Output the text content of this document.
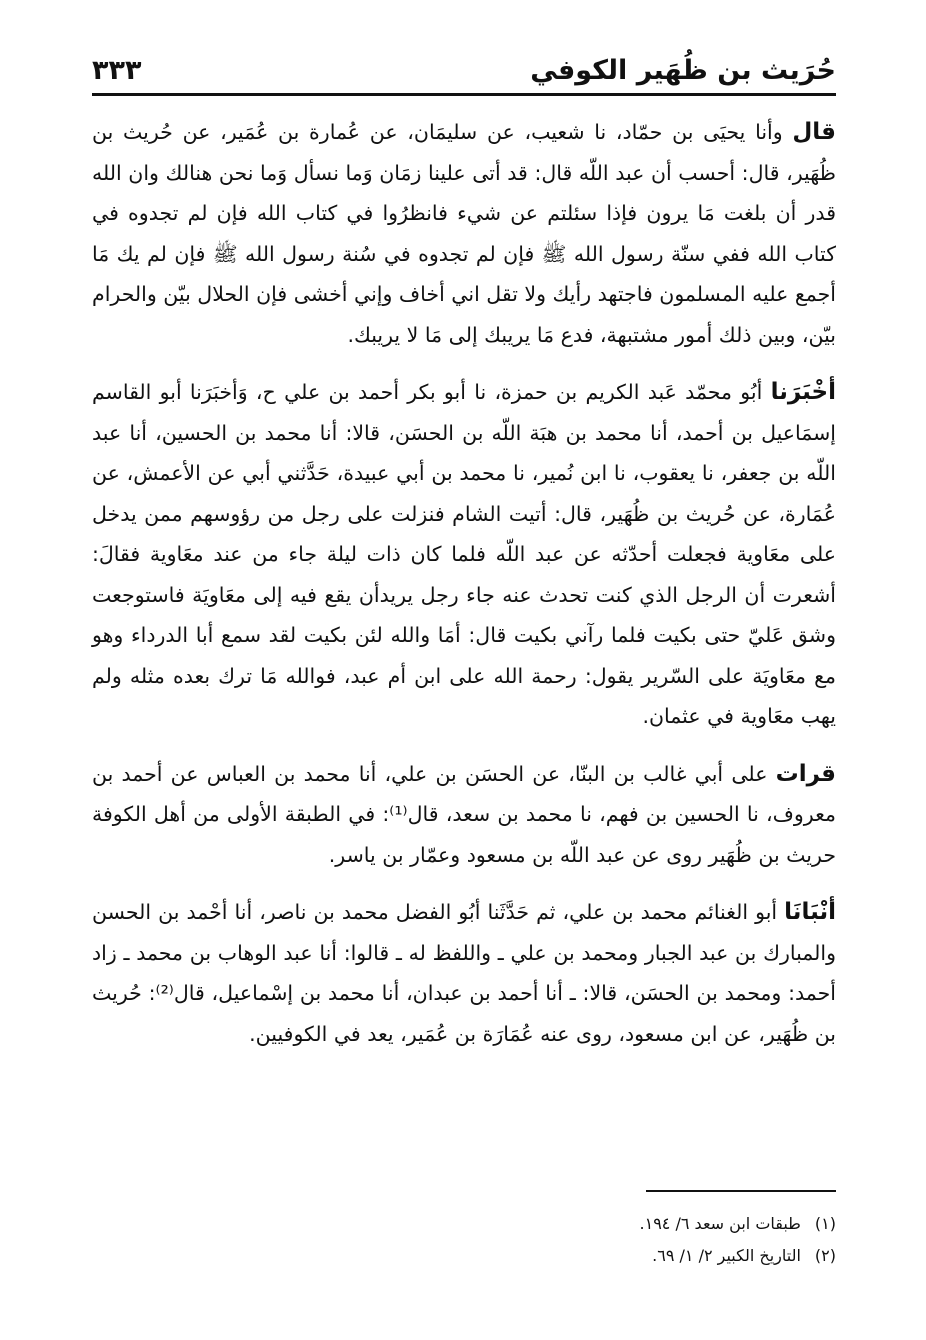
حُرَيث بن ظُهَير الكوفي
٣٣٣

قال وأنا يحيَى بن حمّاد، نا شعيب، عن سليمَان، عن عُمارة بن عُمَير، عن حُريث بن ظُهَير، قال: أحسب أن عبد اللّه قال: قد أتى علينا زمَان وَما نسأل وَما نحن هنالك وان الله قدر أن بلغت مَا يرون فإذا سئلتم عن شيء فانظرُوا في كتاب الله فإن لم تجدوه في كتاب الله ففي سنّة رسول الله ﷺ فإن لم تجدوه في سُنة رسول الله ﷺ فإن لم يك مَا أجمع عليه المسلمون فاجتهد رأيك ولا تقل اني أخاف وإني أخشى فإن الحلال بيّن والحرام بيّن، وبين ذلك أمور مشتبهة، فدع مَا يريبك إلى مَا لا يريبك.

أخْبَرَنا أبُو محمّد عَبد الكريم بن حمزة، نا أبو بكر أحمد بن علي ح، وَأخبَرَنا أبو القاسم إسمَاعيل بن أحمد، أنا محمد بن هبَة اللّه بن الحسَن، قالا: أنا محمد بن الحسين، أنا عبد اللّه بن جعفر، نا يعقوب، نا ابن نُمير، نا محمد بن أبي عبيدة، حَدَّثني أبي عن الأعمش، عن عُمَارة، عن حُريث بن ظُهَير، قال: أتيت الشام فنزلت على رجل من رؤوسهم ممن يدخل على معَاوية فجعلت أحدّثه عن عبد اللّه فلما كان ذات ليلة جاء من عند معَاوية فقالَ: أشعرت أن الرجل الذي كنت تحدث عنه جاء رجل يريدأن يقع فيه إلى معَاويَة فاستوجعت وشق عَليّ حتى بكيت فلما رآني بكيت قال: أمَا والله لئن بكيت لقد سمع أبا الدرداء وهو مع معَاويَة على السّرير يقول: رحمة الله على ابن أم عبد، فوالله مَا ترك بعده مثله ولم يهب معَاوية في عثمان.

قرات على أبي غالب بن البنّا، عن الحسَن بن علي، أنا محمد بن العباس عن أحمد بن معروف، نا الحسين بن فهم، نا محمد بن سعد، قال⁽¹⁾: في الطبقة الأولى من أهل الكوفة حريث بن ظُهَير روى عن عبد اللّه بن مسعود وعمّار بن ياسر.

أنْبَانَا أبو الغنائم محمد بن علي، ثم حَدَّثَنا أبُو الفضل محمد بن ناصر، أنا أحْمد بن الحسن والمبارك بن عبد الجبار ومحمد بن علي ـ واللفظ له ـ قالوا: أنا عبد الوهاب بن محمد ـ زاد أحمد: ومحمد بن الحسَن، قالا: ـ أنا أحمد بن عبدان، أنا محمد بن إسْماعيل، قال⁽²⁾: حُريث بن ظُهَير، عن ابن مسعود، روى عنه عُمَارَة بن عُمَير، يعد في الكوفيين.

(١)
طبقات ابن سعد ٦/ ١٩٤.
(٢)
التاريخ الكبير ٢/ ١/ ٦٩.
